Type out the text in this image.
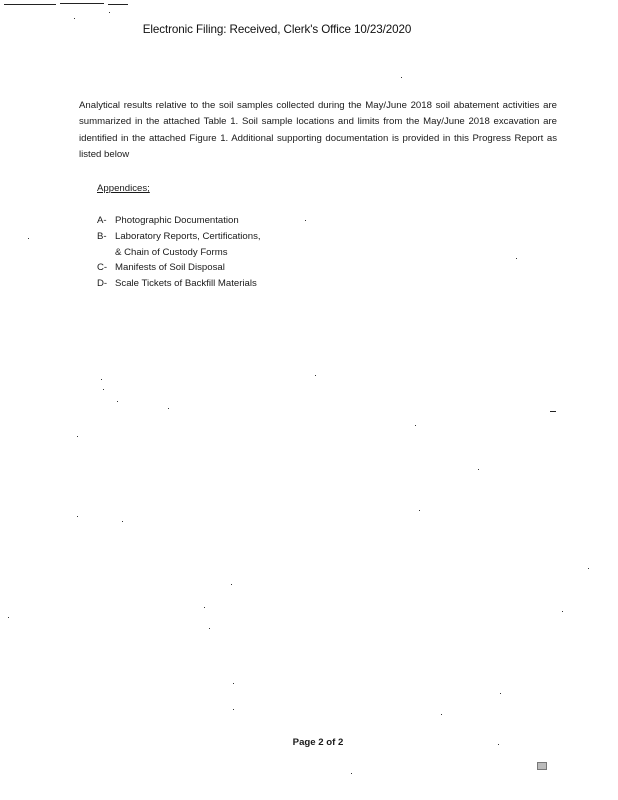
Electronic Filing: Received, Clerk's Office 10/23/2020

Analytical results relative to the soil samples collected during the May/June 2018 soil abatement activities are summarized in the attached Table 1. Soil sample locations and limits from the May/June 2018 excavation are identified in the attached Figure 1. Additional supporting documentation is provided in this Progress Report as listed below

Appendices;
A- Photographic Documentation
B- Laboratory Reports, Certifications,
& Chain of Custody Forms
C- Manifests of Soil Disposal
D- Scale Tickets of Backfill Materials
Page 2 of 2
